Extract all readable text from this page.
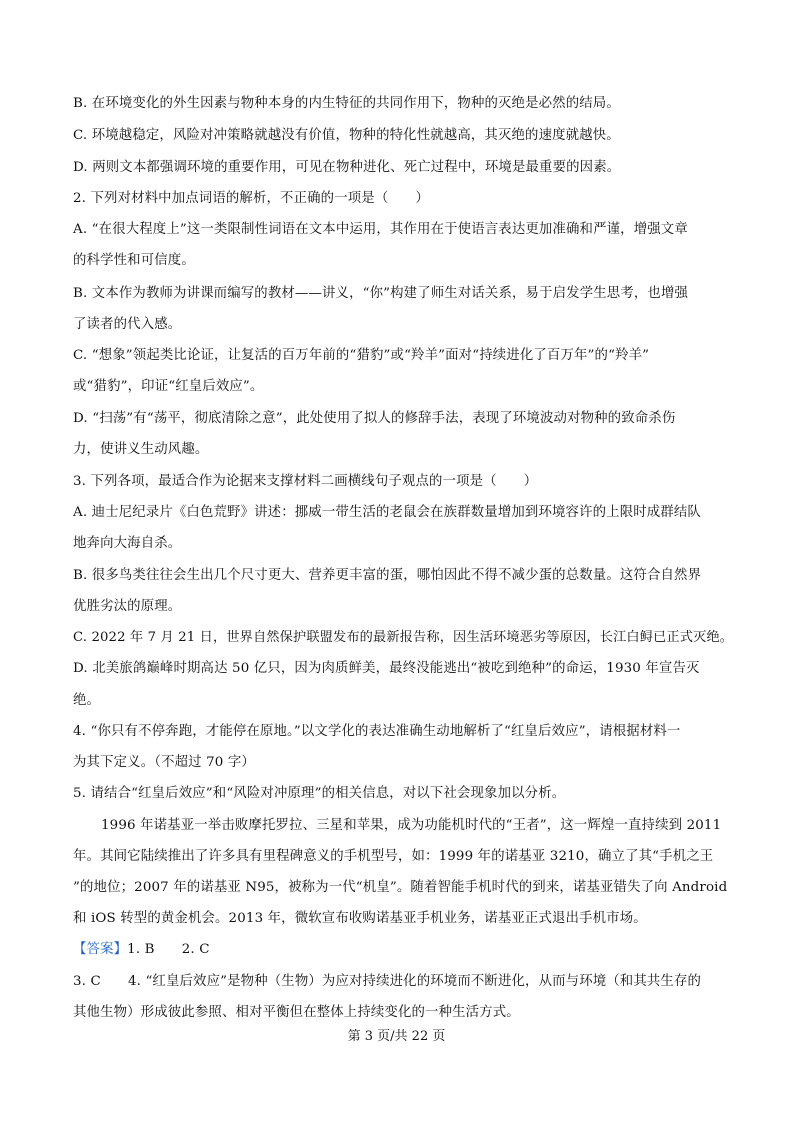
B. 在环境变化的外生因素与物种本身的内生特征的共同作用下，物种的灭绝是必然的结局。
C. 环境越稳定，风险对冲策略就越没有价值，物种的特化性就越高，其灭绝的速度就越快。
D. 两则文本都强调环境的重要作用，可见在物种进化、死亡过程中，环境是最重要的因素。
2. 下列对材料中加点词语的解析，不正确的一项是（　　）
A. “在很大程度上”这一类限制性词语在文本中运用，其作用在于使语言表达更加准确和严谨，增强文章
的科学性和可信度。
B. 文本作为教师为讲课而编写的教材——讲义，“你”构建了师生对话关系，易于启发学生思考，也增强
了读者的代入感。
C. “想象”领起类比论证，让复活的百万年前的“猎豹”或“羚羊”面对“持续进化了百万年”的“羚羊”
或“猎豹”，印证“红皇后效应”。
D. “扫荡”有“荡平，彻底清除之意”，此处使用了拟人的修辞手法，表现了环境波动对物种的致命杀伤
力，使讲义生动风趣。
3. 下列各项，最适合作为论据来支撑材料二画横线句子观点的一项是（　　）
A. 迪士尼纪录片《白色荒野》讲述：挪威一带生活的老鼠会在族群数量增加到环境容许的上限时成群结队
地奔向大海自杀。
B. 很多鸟类往往会生出几个尺寸更大、营养更丰富的蛋，哪怕因此不得不减少蛋的总数量。这符合自然界
优胜劣汰的原理。
C. 2022 年 7 月 21 日，世界自然保护联盟发布的最新报告称，因生活环境恶劣等原因，长江白鲟已正式灭绝。
D. 北美旅鸽巅峰时期高达 50 亿只，因为肉质鲜美，最终没能逃出“被吃到绝种”的命运，1930 年宣告灭
绝。
4. “你只有不停奔跑，才能停在原地。”以文学化的表达准确生动地解析了“红皇后效应”，请根据材料一
为其下定义。（不超过 70 字）
5. 请结合“红皇后效应”和“风险对冲原理”的相关信息，对以下社会现象加以分析。
1996 年诺基亚一举击败摩托罗拉、三星和苹果，成为功能机时代的“王者”，这一辉煌一直持续到 2011
年。其间它陆续推出了许多具有里程碑意义的手机型号，如：1999 年的诺基亚 3210，确立了其“手机之王
”的地位；2007 年的诺基亚 N95，被称为一代“机皇”。随着智能手机时代的到来，诺基亚错失了向 Android
和 iOS 转型的黄金机会。2013 年，微软宣布收购诺基亚手机业务，诺基亚正式退出手机市场。
【答案】1. B　　2. C
3. C　　4. “红皇后效应”是物种（生物）为应对持续进化的环境而不断进化，从而与环境（和其共生存的
其他生物）形成彼此参照、相对平衡但在整体上持续变化的一种生活方式。
第 3 页/共 22 页
